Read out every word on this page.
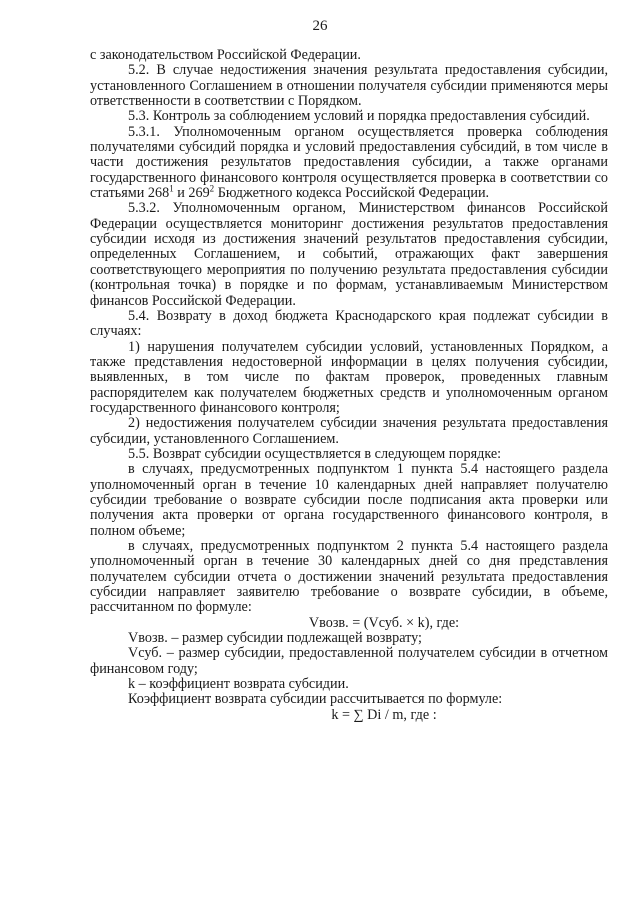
26

с законодательством Российской Федерации.

5.2. В случае недостижения значения результата предоставления субсидии, установленного Соглашением в отношении получателя субсидии применяются меры ответственности в соответствии с Порядком.

5.3. Контроль за соблюдением условий и порядка предоставления субсидий.

5.3.1. Уполномоченным органом осуществляется проверка соблюдения получателями субсидий порядка и условий предоставления субсидий, в том числе в части достижения результатов предоставления субсидии, а также органами государственного финансового контроля осуществляется проверка в соответствии со статьями $268^1$ и $269^2$ Бюджетного кодекса Российской Федерации.

5.3.2. Уполномоченным органом, Министерством финансов Российской Федерации осуществляется мониторинг достижения результатов предоставления субсидии исходя из достижения значений результатов предоставления субсидии, определенных Соглашением, и событий, отражающих факт завершения соответствующего мероприятия по получению результата предоставления субсидии (контрольная точка) в порядке и по формам, устанавливаемым Министерством финансов Российской Федерации.

5.4. Возврату в доход бюджета Краснодарского края подлежат субсидии в случаях:

1) нарушения получателем субсидии условий, установленных Порядком, а также представления недостоверной информации в целях получения субсидии, выявленных, в том числе по фактам проверок, проведенных главным распорядителем как получателем бюджетных средств и уполномоченным органом государственного финансового контроля;

2) недостижения получателем субсидии значения результата предоставления субсидии, установленного Соглашением.

5.5. Возврат субсидии осуществляется в следующем порядке:

в случаях, предусмотренных подпунктом 1 пункта 5.4 настоящего раздела уполномоченный орган в течение 10 календарных дней направляет получателю субсидии требование о возврате субсидии после подписания акта проверки или получения акта проверки от органа государственного финансового контроля, в полном объеме;

в случаях, предусмотренных подпунктом 2 пункта 5.4 настоящего раздела уполномоченный орган в течение 30 календарных дней со дня представления получателем субсидии отчета о достижении значений результата предоставления субсидии направляет заявителю требование о возврате субсидии, в объеме, рассчитанном по формуле:

Vвозв. = (Vсуб. × k), где:

Vвозв. – размер субсидии подлежащей возврату;

Vсуб. – размер субсидии, предоставленной получателем субсидии в отчетном финансовом году;

k – коэффициент возврата субсидии.

Коэффициент возврата субсидии рассчитывается по формуле:

k = ∑ Di / m, где :
